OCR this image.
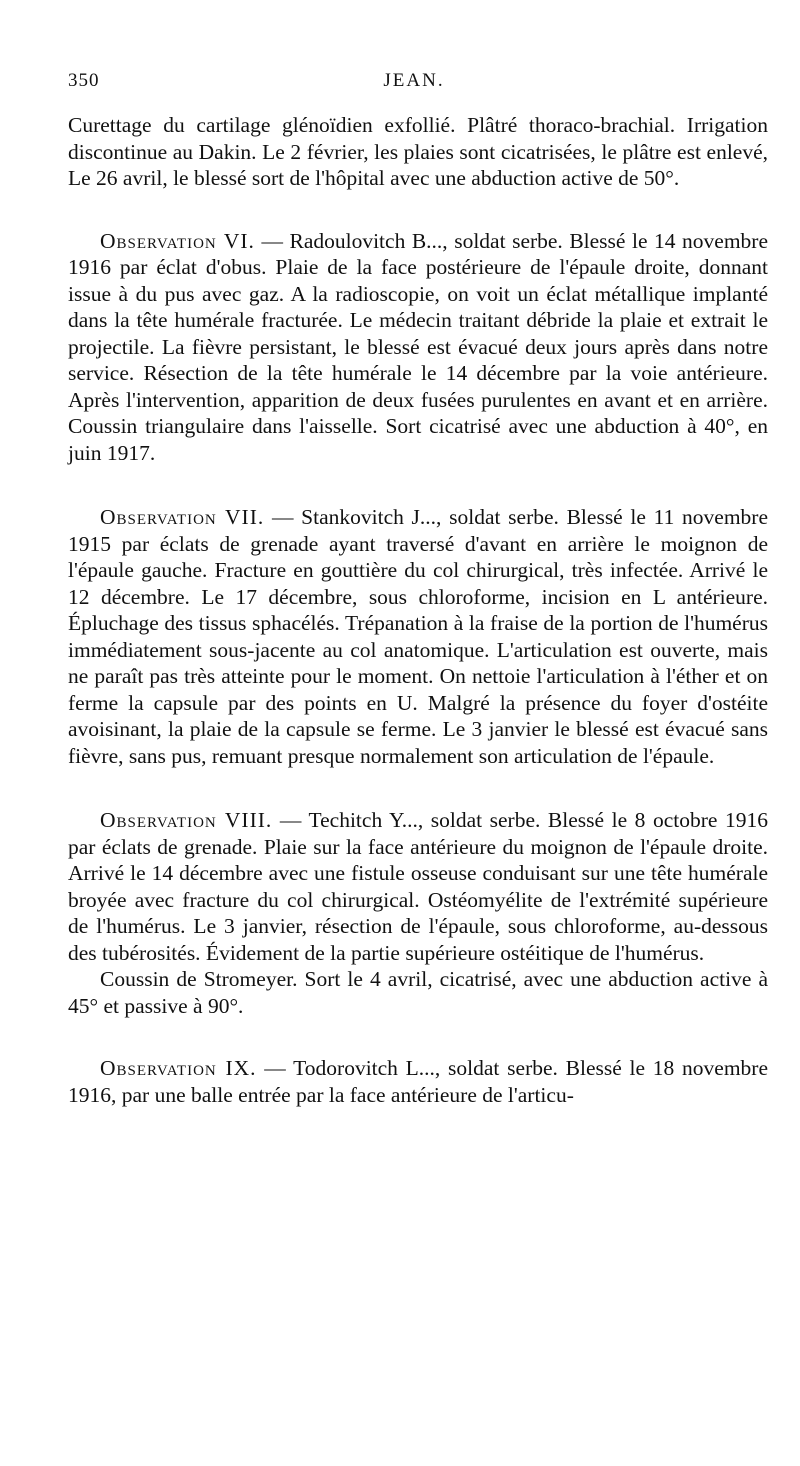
350	JEAN.

Curettage du cartilage glénoïdien exfollié. Plâtré thoraco-brachial. Irrigation discontinue au Dakin. Le 2 février, les plaies sont cicatrisées, le plâtre est enlevé, Le 26 avril, le blessé sort de l'hôpital avec une abduction active de 50°.

Observation VI. — Radoulovitch B..., soldat serbe. Blessé le 14 novembre 1916 par éclat d'obus. Plaie de la face postérieure de l'épaule droite, donnant issue à du pus avec gaz. A la radioscopie, on voit un éclat métallique implanté dans la tête humérale fracturée. Le médecin traitant débride la plaie et extrait le projectile. La fièvre persistant, le blessé est évacué deux jours après dans notre service. Résection de la tête humérale le 14 décembre par la voie antérieure. Après l'intervention, apparition de deux fusées purulentes en avant et en arrière. Coussin triangulaire dans l'aisselle. Sort cicatrisé avec une abduction à 40°, en juin 1917.

Observation VII. — Stankovitch J..., soldat serbe. Blessé le 11 novembre 1915 par éclats de grenade ayant traversé d'avant en arrière le moignon de l'épaule gauche. Fracture en gouttière du col chirurgical, très infectée. Arrivé le 12 décembre. Le 17 décembre, sous chloroforme, incision en L antérieure. Épluchage des tissus sphacélés. Trépanation à la fraise de la portion de l'humérus immédiatement sous-jacente au col anatomique. L'articulation est ouverte, mais ne paraît pas très atteinte pour le moment. On nettoie l'articulation à l'éther et on ferme la capsule par des points en U. Malgré la présence du foyer d'ostéite avoisinant, la plaie de la capsule se ferme. Le 3 janvier le blessé est évacué sans fièvre, sans pus, remuant presque normalement son articulation de l'épaule.

Observation VIII. — Techitch Y..., soldat serbe. Blessé le 8 octobre 1916 par éclats de grenade. Plaie sur la face antérieure du moignon de l'épaule droite. Arrivé le 14 décembre avec une fistule osseuse conduisant sur une tête humérale broyée avec fracture du col chirurgical. Ostéomyélite de l'extrémité supérieure de l'humérus. Le 3 janvier, résection de l'épaule, sous chloroforme, au-dessous des tubérosités. Évidement de la partie supérieure ostéitique de l'humérus.

Coussin de Stromeyer. Sort le 4 avril, cicatrisé, avec une abduction active à 45° et passive à 90°.

Observation IX. — Todorovitch L..., soldat serbe. Blessé le 18 novembre 1916, par une balle entrée par la face antérieure de l'articu-
